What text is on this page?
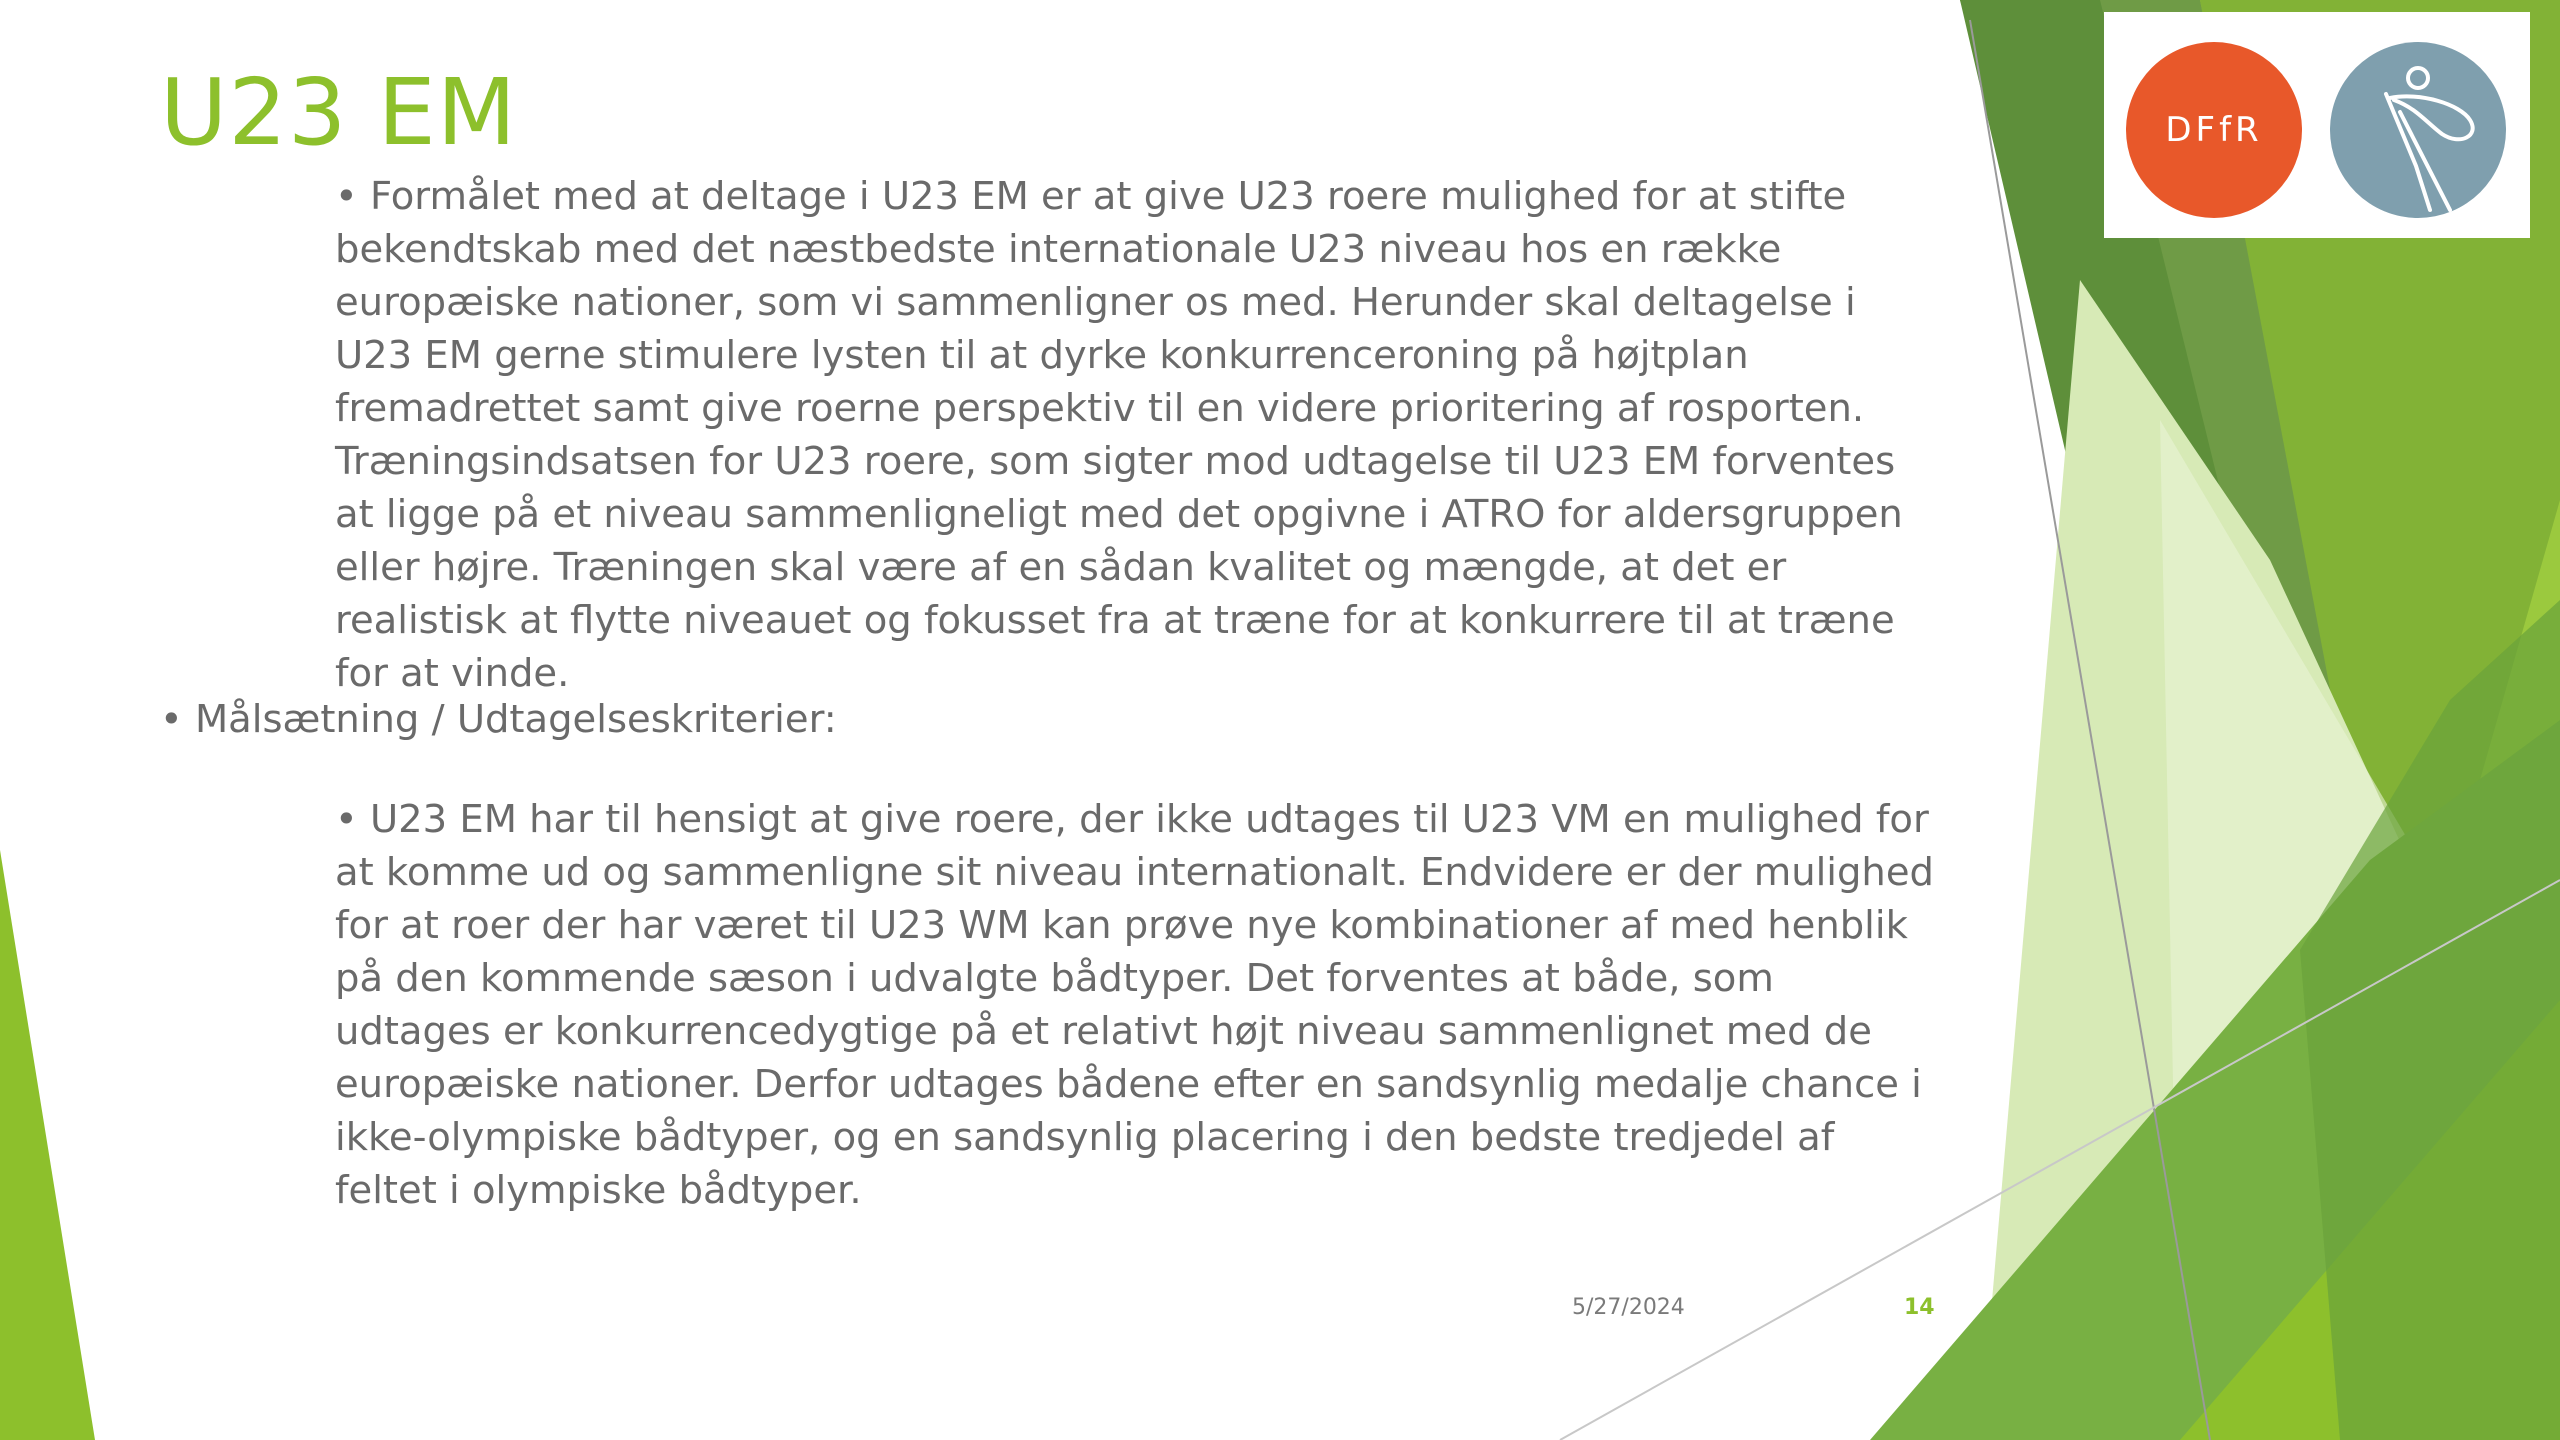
U23 EM

• Formålet med at deltage i U23 EM er at give U23 roere mulighed for at stifte bekendtskab med det næstbedste internationale U23 niveau hos en række europæiske nationer, som vi sammenligner os med. Herunder skal deltagelse i U23 EM gerne stimulere lysten til at dyrke konkurrenceroning på højtplan fremadrettet samt give roerne perspektiv til en videre prioritering af rosporten. Træningsindsatsen for U23 roere, som sigter mod udtagelse til U23 EM forventes at ligge på et niveau sammenligneligt med det opgivne i ATRO for aldersgruppen eller højre. Træningen skal være af en sådan kvalitet og mængde, at det er realistisk at flytte niveauet og fokusset fra at træne for at konkurrere til at træne for at vinde.

• Målsætning / Udtagelseskriterier:

• U23 EM har til hensigt at give roere, der ikke udtages til U23 VM en mulighed for at komme ud og sammenligne sit niveau internationalt. Endvidere er der mulighed for at roer der har været til U23 WM kan prøve nye kombinationer af med henblik på den kommende sæson i udvalgte bådtyper. Det forventes at både, som udtages er konkurrencedygtige på et relativt højt niveau sammenlignet med de europæiske nationer. Derfor udtages bådene efter en sandsynlig medalje chance i ikke-olympiske bådtyper, og en sandsynlig placering i den bedste tredjedel af feltet i olympiske bådtyper.

5/27/2024	14
DFfR
